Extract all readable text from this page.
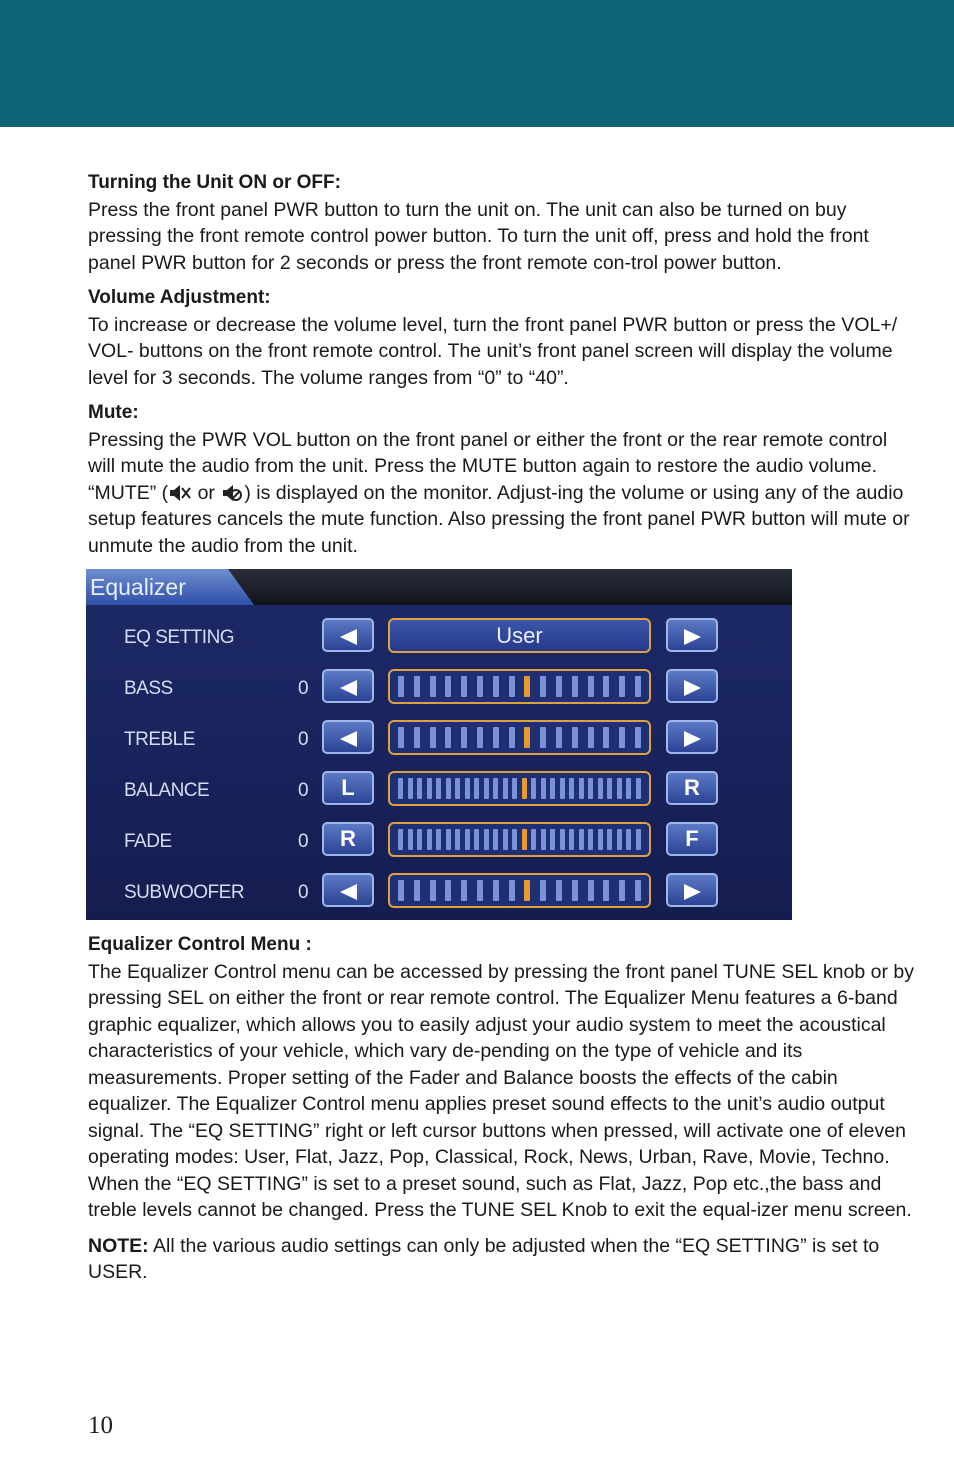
Turning the Unit ON or OFF:

Press the front panel PWR button to turn the unit on. The unit can also be turned on buy pressing the front remote control power button. To turn the unit off, press and hold the front panel PWR button for 2 seconds or press the front remote con-trol power button.

Volume Adjustment:

To increase or decrease the volume level, turn the front panel PWR button or press the VOL+/ VOL- buttons on the front remote control. The unit’s front panel screen will display the volume level for 3 seconds. The volume ranges from “0” to “40”.

Mute:

Pressing the PWR VOL button on the front panel or either the front or the rear remote control will mute the audio from the unit. Press the MUTE button again to restore the audio volume. “MUTE” ( or ) is displayed on the monitor. Adjust-ing the volume or using any of the audio setup features cancels the mute function. Also pressing the front panel PWR button will mute or unmute the audio from the unit.

Equalizer
EQ SETTING	User
BASS	0
TREBLE	0
BALANCE	0	L	R
FADE	0	R	F
SUBWOOFER	0
Equalizer Control Menu :

The Equalizer Control menu can be accessed by pressing the front panel TUNE SEL knob or by pressing SEL on either the front or rear remote control. The Equalizer Menu features a 6-band graphic equalizer, which allows you to easily adjust your audio system to meet the acoustical characteristics of your vehicle, which vary de-pending on the type of vehicle and its measurements. Proper setting of the Fader and Balance boosts the effects of the cabin equalizer. The Equalizer Control menu applies preset sound effects to the unit’s audio output signal. The “EQ SETTING” right or left cursor buttons when pressed, will activate one of eleven operating modes: User, Flat, Jazz, Pop, Classical, Rock, News, Urban, Rave, Movie, Techno. When the “EQ SETTING” is set to a preset sound, such as Flat, Jazz, Pop etc.,the bass and treble levels cannot be changed. Press the TUNE SEL Knob to exit the equal-izer menu screen.

NOTE: All the various audio settings can only be adjusted when the “EQ SETTING” is set to USER.

10
